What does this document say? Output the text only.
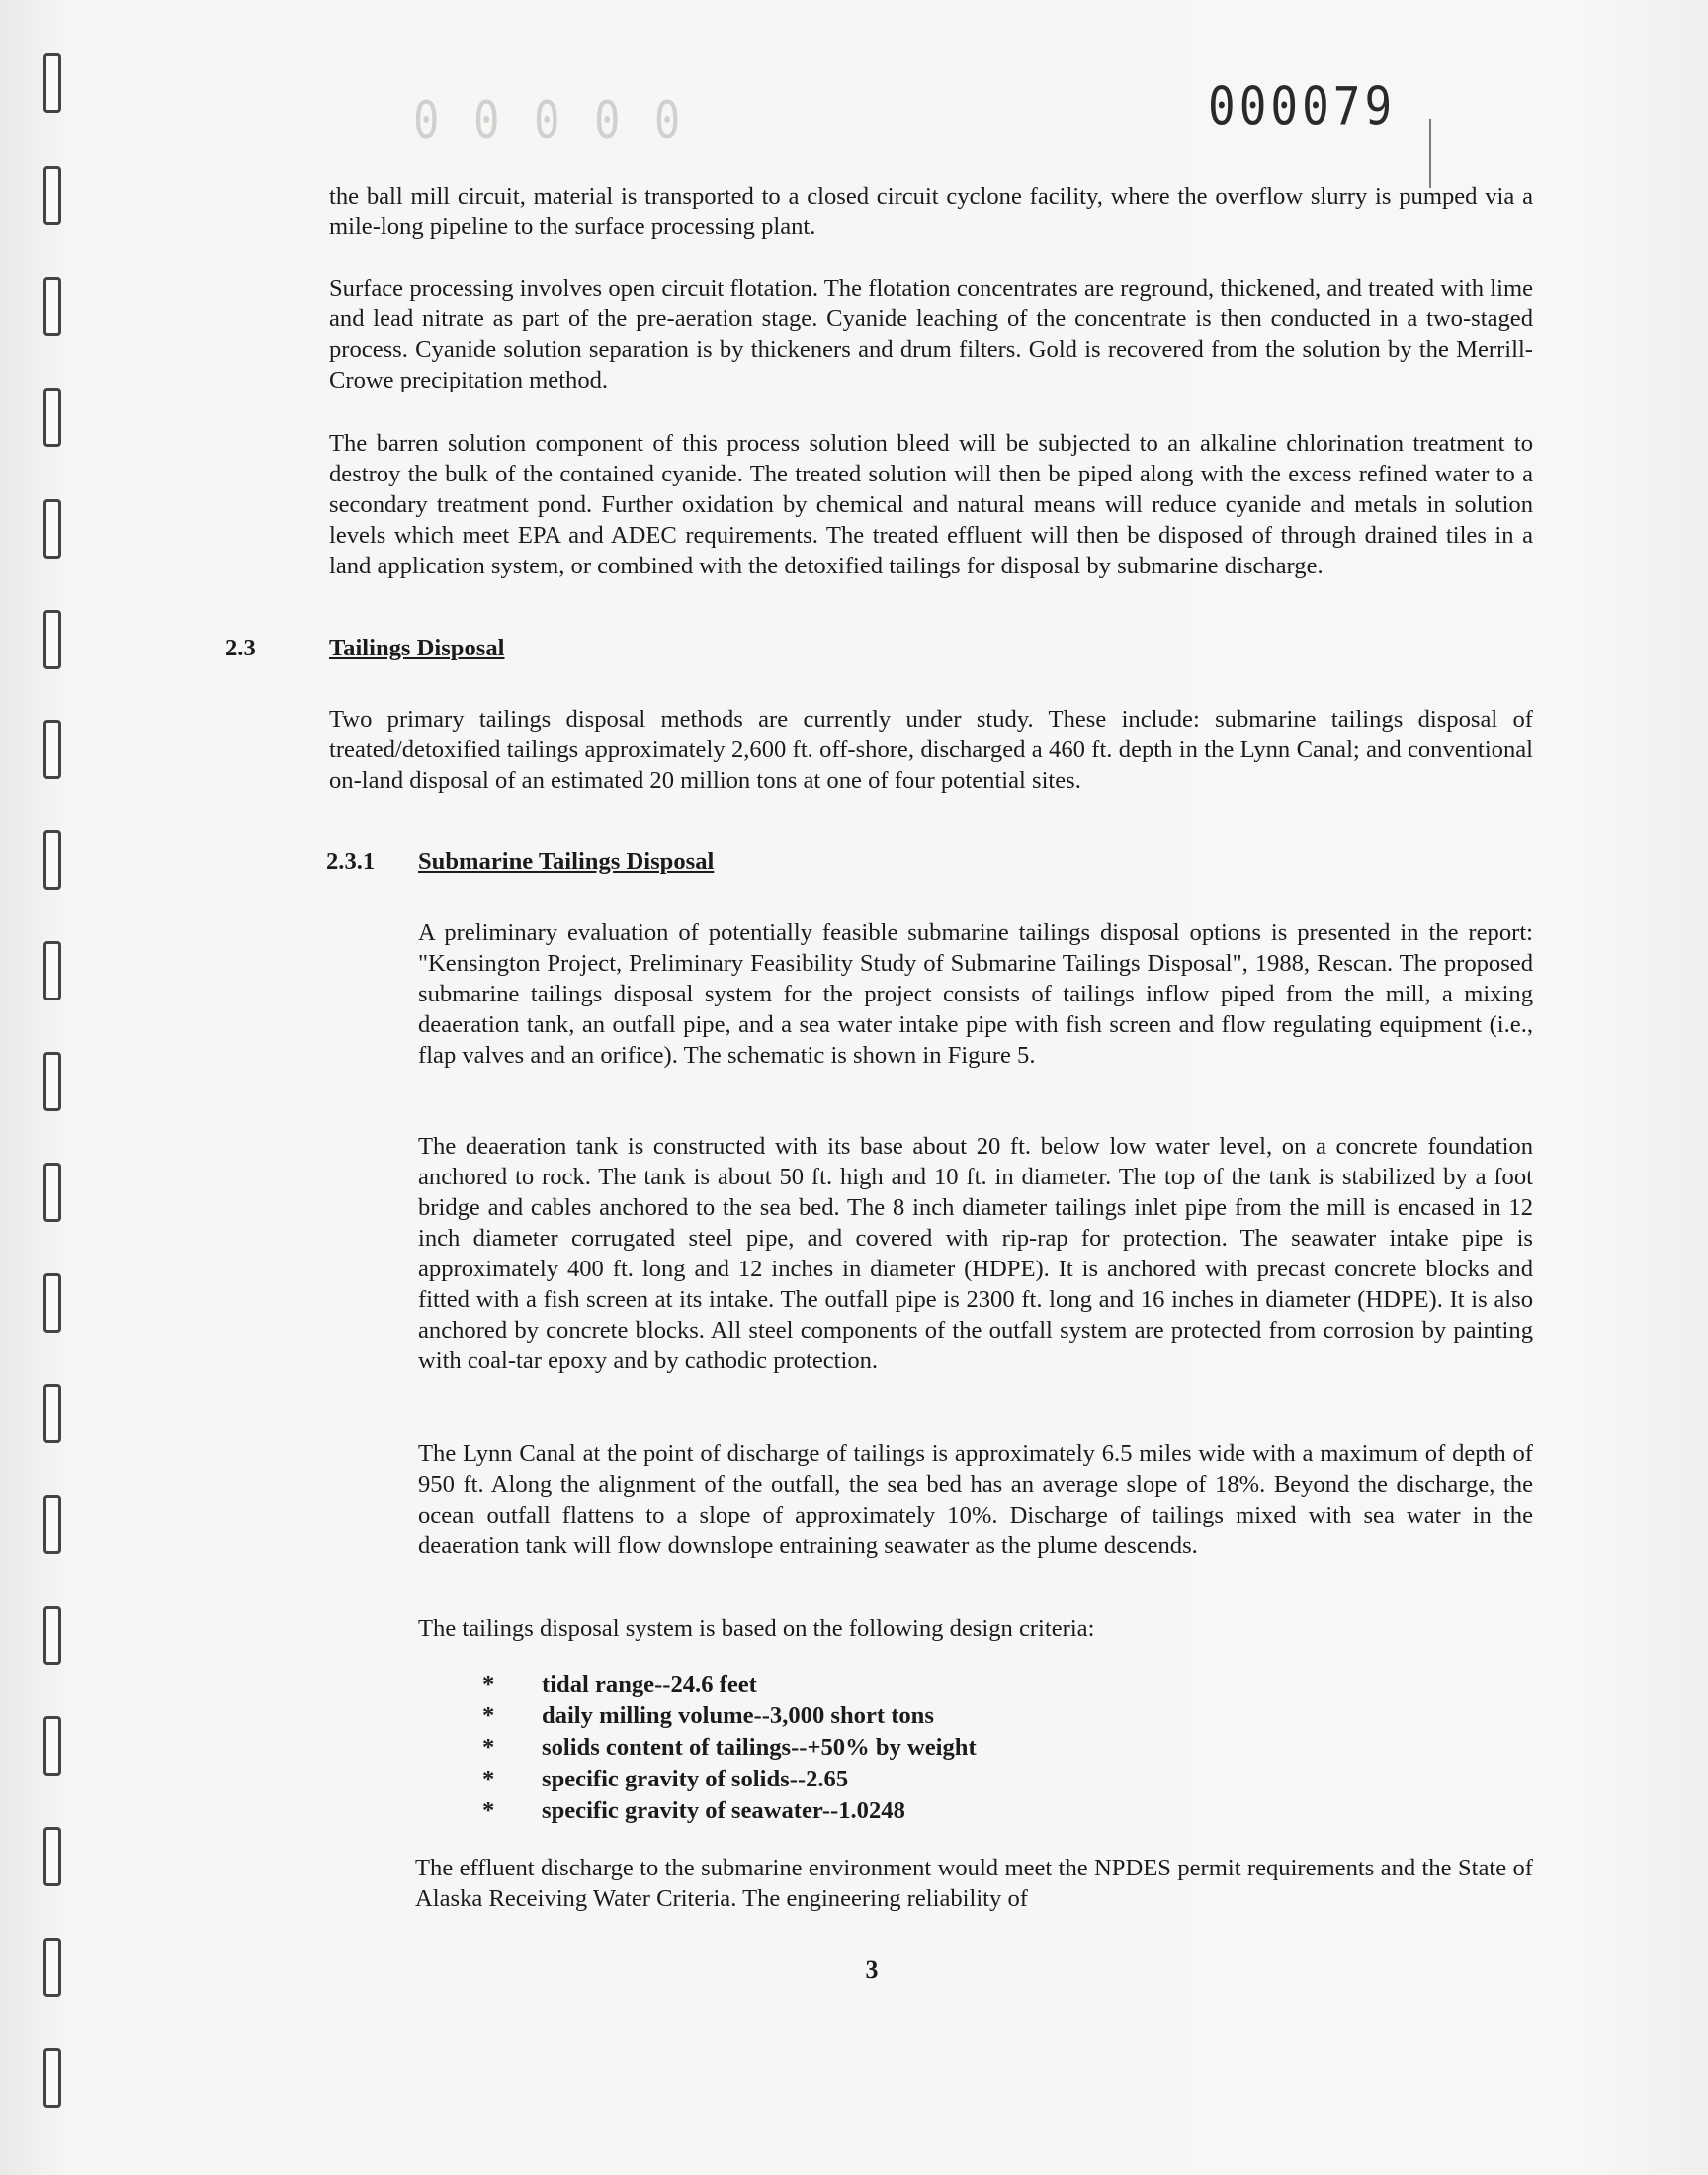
0 0 0 0 0	000079

the ball mill circuit, material is transported to a closed circuit cyclone facility, where the overflow slurry is pumped via a mile-long pipeline to the surface processing plant.

Surface processing involves open circuit flotation. The flotation concentrates are reground, thickened, and treated with lime and lead nitrate as part of the pre-aeration stage. Cyanide leaching of the concentrate is then conducted in a two-staged process. Cyanide solution separation is by thickeners and drum filters. Gold is recovered from the solution by the Merrill-Crowe precipitation method.

The barren solution component of this process solution bleed will be subjected to an alkaline chlorination treatment to destroy the bulk of the contained cyanide. The treated solution will then be piped along with the excess refined water to a secondary treatment pond. Further oxidation by chemical and natural means will reduce cyanide and metals in solution levels which meet EPA and ADEC requirements. The treated effluent will then be disposed of through drained tiles in a land application system, or combined with the detoxified tailings for disposal by submarine discharge.

2.3	Tailings Disposal

Two primary tailings disposal methods are currently under study. These include: submarine tailings disposal of treated/detoxified tailings approximately 2,600 ft. off-shore, discharged a 460 ft. depth in the Lynn Canal; and conventional on-land disposal of an estimated 20 million tons at one of four potential sites.

2.3.1 Submarine Tailings Disposal

A preliminary evaluation of potentially feasible submarine tailings disposal options is presented in the report: "Kensington Project, Preliminary Feasibility Study of Submarine Tailings Disposal", 1988, Rescan. The proposed submarine tailings disposal system for the project consists of tailings inflow piped from the mill, a mixing deaeration tank, an outfall pipe, and a sea water intake pipe with fish screen and flow regulating equipment (i.e., flap valves and an orifice). The schematic is shown in Figure 5.

The deaeration tank is constructed with its base about 20 ft. below low water level, on a concrete foundation anchored to rock. The tank is about 50 ft. high and 10 ft. in diameter. The top of the tank is stabilized by a foot bridge and cables anchored to the sea bed. The 8 inch diameter tailings inlet pipe from the mill is encased in 12 inch diameter corrugated steel pipe, and covered with rip-rap for protection. The seawater intake pipe is approximately 400 ft. long and 12 inches in diameter (HDPE). It is anchored with precast concrete blocks and fitted with a fish screen at its intake. The outfall pipe is 2300 ft. long and 16 inches in diameter (HDPE). It is also anchored by concrete blocks. All steel components of the outfall system are protected from corrosion by painting with coal-tar epoxy and by cathodic protection.

The Lynn Canal at the point of discharge of tailings is approximately 6.5 miles wide with a maximum of depth of 950 ft. Along the alignment of the outfall, the sea bed has an average slope of 18%. Beyond the discharge, the ocean outfall flattens to a slope of approximately 10%. Discharge of tailings mixed with sea water in the deaeration tank will flow downslope entraining seawater as the plume descends.

The tailings disposal system is based on the following design criteria:

* tidal range--24.6 feet
* daily milling volume--3,000 short tons
* solids content of tailings--+50% by weight
* specific gravity of solids--2.65
* specific gravity of seawater--1.0248

The effluent discharge to the submarine environment would meet the NPDES permit requirements and the State of Alaska Receiving Water Criteria. The engineering reliability of

3
